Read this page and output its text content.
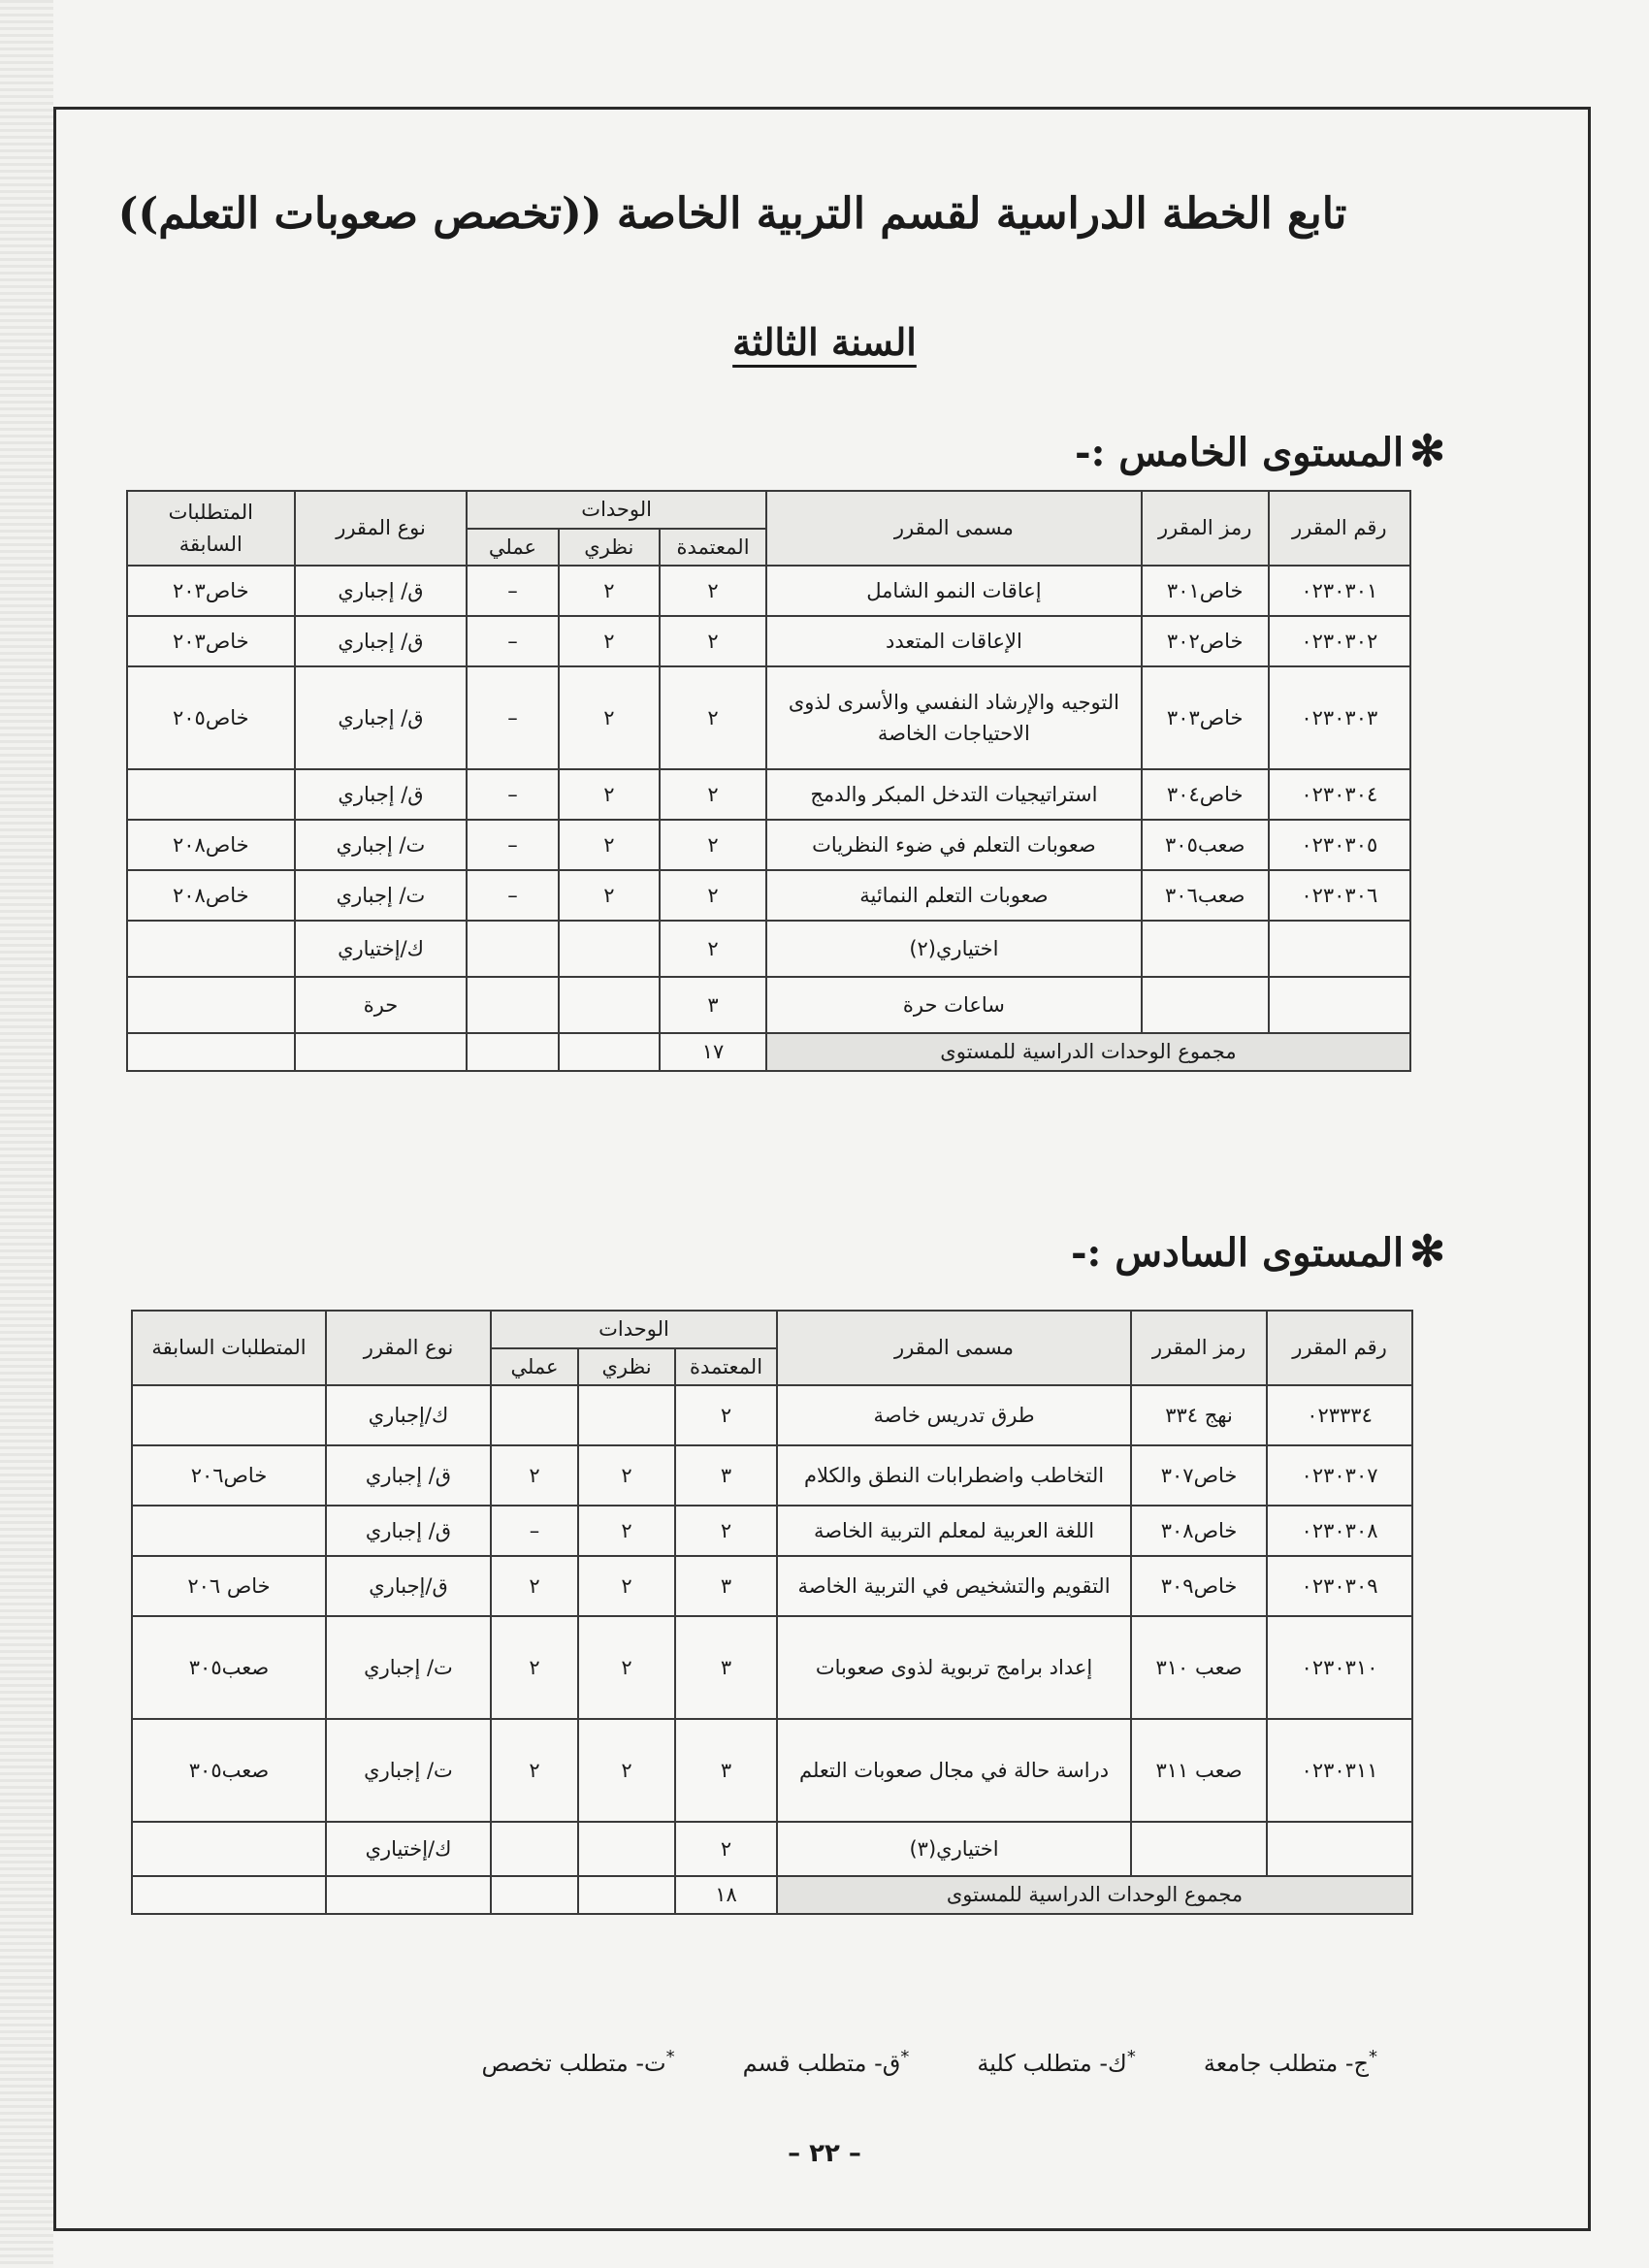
تابع الخطة الدراسية لقسم التربية الخاصة ((تخصص صعوبات التعلم))
السنة الثالثة
✻المستوى الخامس :-
رقم المقرر	رمز المقرر	مسمى المقرر	الوحدات			نوع المقرر	المتطلبات السابقة
			المعتمدة	نظري	عملي		
٠٢٣٠٣٠١	خاص٣٠١	إعاقات النمو الشامل	٢	٢	–	ق/ إجباري	خاص٢٠٣
٠٢٣٠٣٠٢	خاص٣٠٢	الإعاقات المتعدد	٢	٢	–	ق/ إجباري	خاص٢٠٣
٠٢٣٠٣٠٣	خاص٣٠٣	التوجيه والإرشاد النفسي والأسرى لذوى الاحتياجات الخاصة	٢	٢	–	ق/ إجباري	خاص٢٠٥
٠٢٣٠٣٠٤	خاص٣٠٤	استراتيجيات التدخل المبكر والدمج	٢	٢	–	ق/ إجباري	
٠٢٣٠٣٠٥	صعب٣٠٥	صعوبات التعلم في ضوء النظريات	٢	٢	–	ت/ إجباري	خاص٢٠٨
٠٢٣٠٣٠٦	صعب٣٠٦	صعوبات التعلم النمائية	٢	٢	–	ت/ إجباري	خاص٢٠٨
		اختياري(٢)	٢			ك/إختياري	
		ساعات حرة	٣			حرة	
مجموع الوحدات الدراسية للمستوى			١٧				
✻المستوى السادس :-
رقم المقرر	رمز المقرر	مسمى المقرر	الوحدات			نوع المقرر	المتطلبات السابقة
			المعتمدة	نظري	عملي		
٠٢٣٣٣٤	نهج ٣٣٤	طرق تدريس خاصة	٢			ك/إجباري	
٠٢٣٠٣٠٧	خاص٣٠٧	التخاطب واضطرابات النطق والكلام	٣	٢	٢	ق/ إجباري	خاص٢٠٦
٠٢٣٠٣٠٨	خاص٣٠٨	اللغة العربية لمعلم التربية الخاصة	٢	٢	–	ق/ إجباري	
٠٢٣٠٣٠٩	خاص٣٠٩	التقويم والتشخيص في التربية الخاصة	٣	٢	٢	ق/إجباري	خاص ٢٠٦
٠٢٣٠٣١٠	صعب ٣١٠	إعداد برامج تربوية لذوى صعوبات	٣	٢	٢	ت/ إجباري	صعب٣٠٥
٠٢٣٠٣١١	صعب ٣١١	دراسة حالة في مجال صعوبات التعلم	٣	٢	٢	ت/ إجباري	صعب٣٠٥
		اختياري(٣)	٢			ك/إختياري	
مجموع الوحدات الدراسية للمستوى			١٨				
*ج- متطلب جامعة
*ك- متطلب كلية
*ق- متطلب قسم
*ت- متطلب تخصص

– ٢٢ –
